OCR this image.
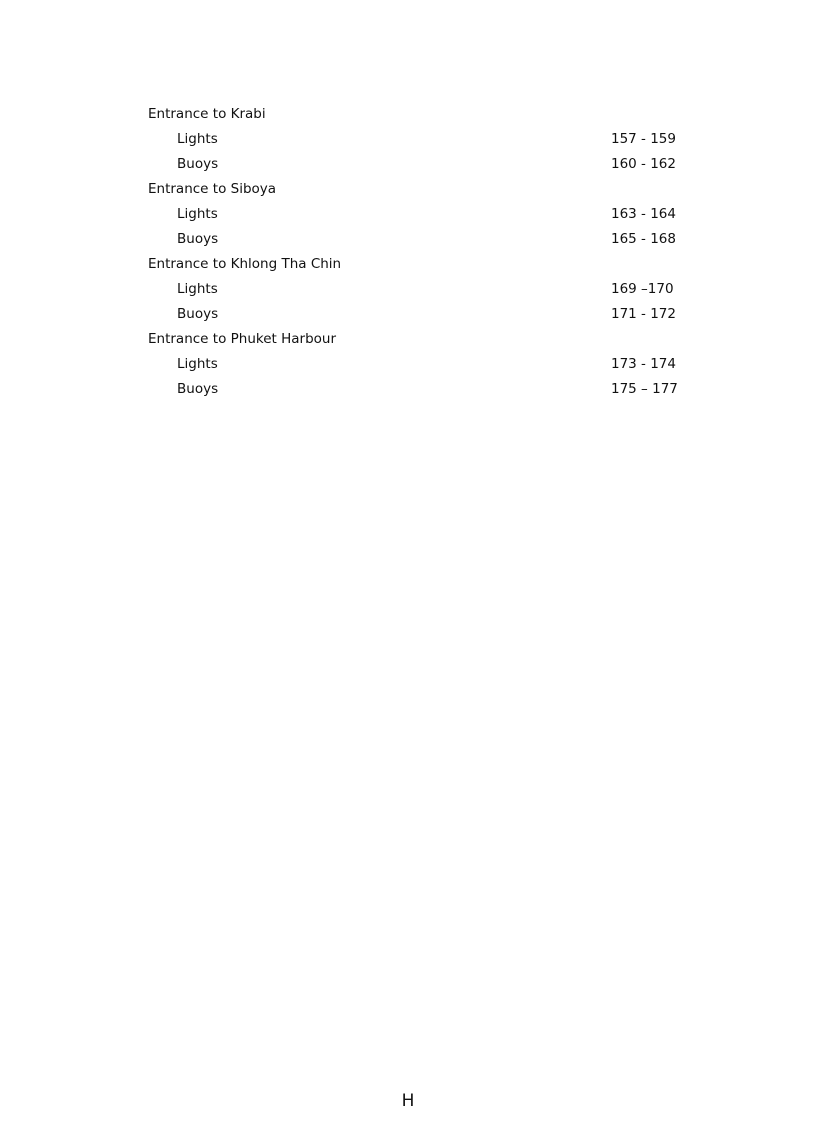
Entrance to Krabi
Lights	157 - 159
Buoys	160 - 162
Entrance to Siboya
Lights	163 - 164
Buoys	165 - 168
Entrance to Khlong Tha Chin
Lights	169 –170
Buoys	171 - 172
Entrance to Phuket Harbour
Lights	173 - 174
Buoys	175 – 177
H
